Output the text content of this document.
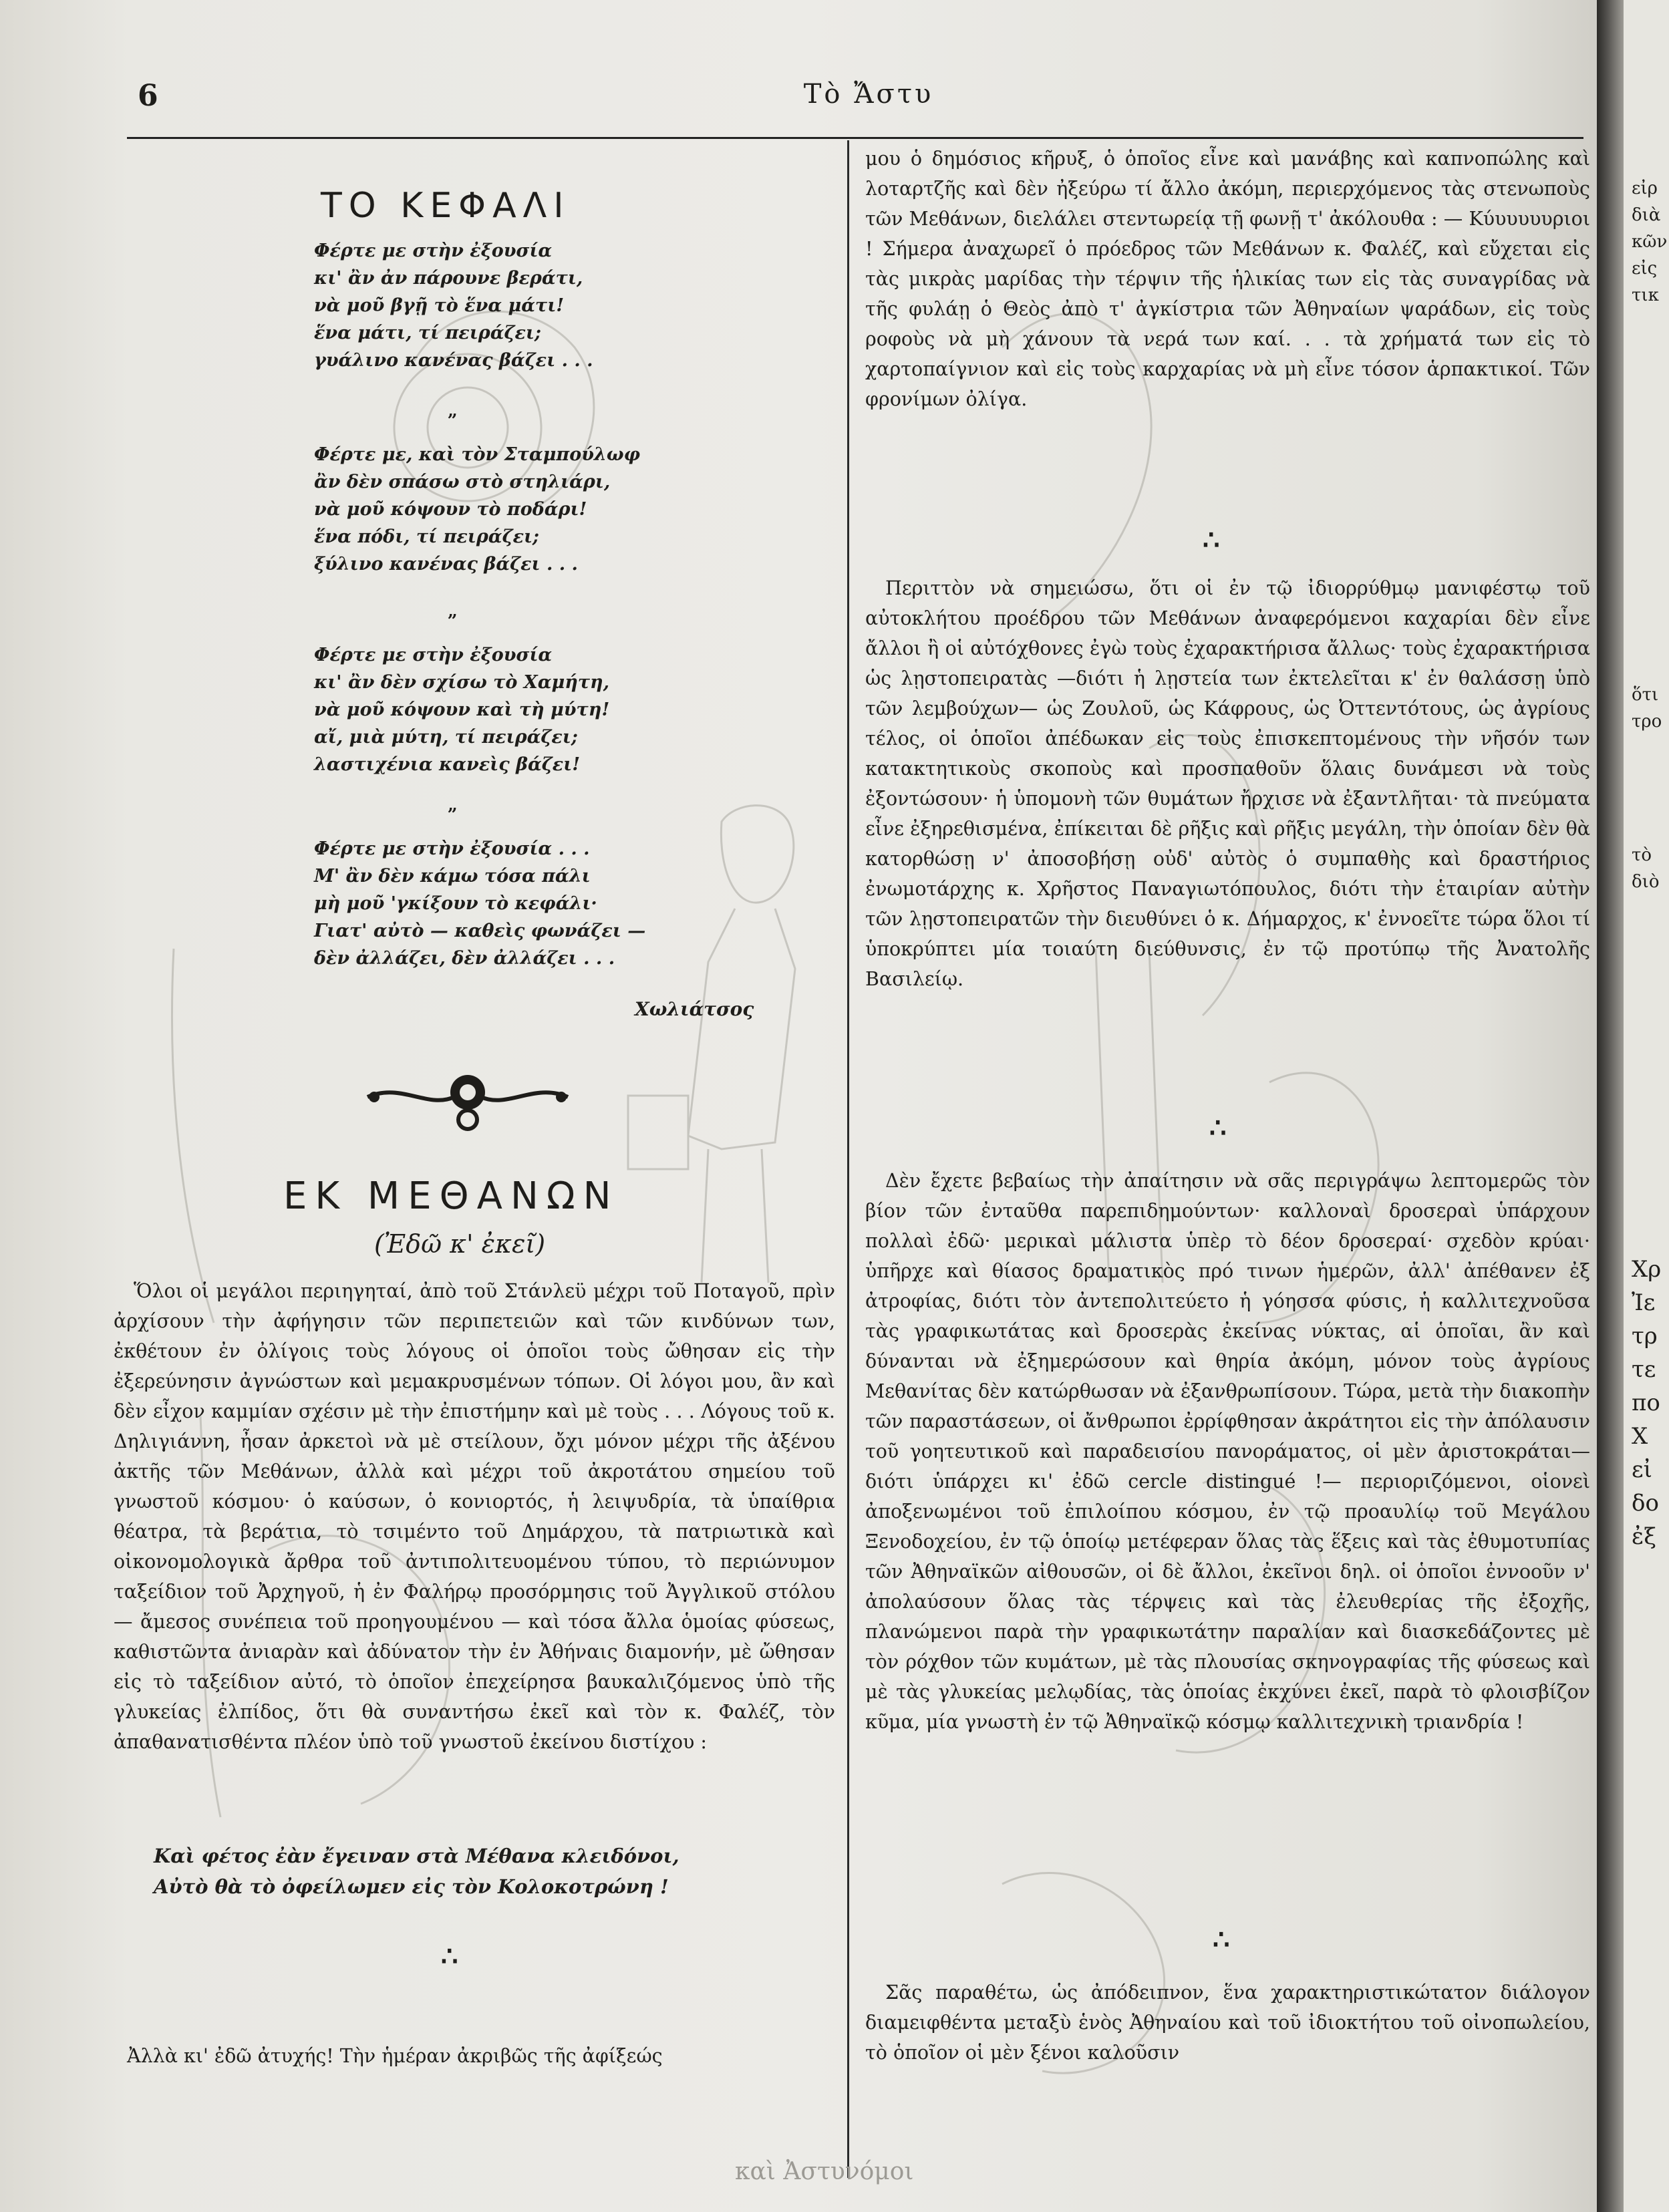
εἰρ
διὰ
κῶν
εἰς
τικ
ὅτι
τρο
τὸ
διὸ
Χρ
Ἰε
τρ
τε
πο
Χ
εἰ
δο
ἐξ
6	Τὸ Ἄστυ
ΤΟ ΚΕΦΑΛΙ
Φέρτε με στὴν ἐξουσία
κι' ἂν ἀν πάρουνε βεράτι,
νὰ μοῦ βγῇ τὸ ἕνα μάτι!
ἕνα μάτι, τί πειράζει;
γυάλινο κανένας βάζει . . .
„
Φέρτε με, καὶ τὸν Σταμπούλωφ
ἂν δὲν σπάσω στὸ στηλιάρι,
νὰ μοῦ κόψουν τὸ ποδάρι!
ἕνα πόδι, τί πειράζει;
ξύλινο κανένας βάζει . . .
„
Φέρτε με στὴν ἐξουσία
κι' ἂν δὲν σχίσω τὸ Χαμήτη,
νὰ μοῦ κόψουν καὶ τὴ μύτη!
αἴ, μιὰ μύτη, τί πειράζει;
λαστιχένια κανεὶς βάζει!
„
Φέρτε με στὴν ἐξουσία . . .
Μ' ἂν δὲν κάμω τόσα πάλι
μὴ μοῦ 'γκίξουν τὸ κεφάλι·
Γιατ' αὐτὸ — καθεὶς φωνάζει —
δὲν ἀλλάζει, δὲν ἀλλάζει . . .
Χωλιάτσος
ΕΚ ΜΕΘΑΝΩΝ
(Ἐδῶ κ' ἐκεῖ)
Ὅλοι οἱ μεγάλοι περιηγηταί, ἀπὸ τοῦ Στάνλεϋ μέχρι τοῦ Ποταγοῦ, πρὶν ἀρχίσουν τὴν ἀφήγησιν τῶν περιπετειῶν καὶ τῶν κινδύνων των, ἐκθέτουν ἐν ὀλίγοις τοὺς λόγους οἱ ὁποῖοι τοὺς ὤθησαν εἰς τὴν ἐξερεύνησιν ἀγνώστων καὶ μεμακρυσμένων τόπων. Οἱ λόγοι μου, ἂν καὶ δὲν εἶχον καμμίαν σχέσιν μὲ τὴν ἐπιστήμην καὶ μὲ τοὺς . . . Λόγους τοῦ κ. Δηλιγιάννη, ἦσαν ἀρκετοὶ νὰ μὲ στείλουν, ὄχι μόνον μέχρι τῆς ἀξένου ἀκτῆς τῶν Μεθάνων, ἀλλὰ καὶ μέχρι τοῦ ἀκροτάτου σημείου τοῦ γνωστοῦ κόσμου· ὁ καύσων, ὁ κονιορτός, ἡ λειψυδρία, τὰ ὑπαίθρια θέατρα, τὰ βεράτια, τὸ τσιμέντο τοῦ Δημάρχου, τὰ πατριωτικὰ καὶ οἰκονομολογικὰ ἄρθρα τοῦ ἀντιπολιτευομένου τύπου, τὸ περιώνυμον ταξείδιον τοῦ Ἀρχηγοῦ, ἡ ἐν Φαλήρῳ προσόρμησις τοῦ Ἀγγλικοῦ στόλου — ἄμεσος συνέπεια τοῦ προηγουμένου — καὶ τόσα ἄλλα ὁμοίας φύσεως, καθιστῶντα ἀνιαρὰν καὶ ἀδύνατον τὴν ἐν Ἀθήναις διαμονήν, μὲ ὤθησαν εἰς τὸ ταξείδιον αὐτό, τὸ ὁποῖον ἐπεχείρησα βαυκαλιζόμενος ὑπὸ τῆς γλυκείας ἐλπίδος, ὅτι θὰ συναντήσω ἐκεῖ καὶ τὸν κ. Φαλέζ, τὸν ἀπαθανατισθέντα πλέον ὑπὸ τοῦ γνωστοῦ ἐκείνου διστίχου :
Καὶ φέτος ἐὰν ἔγειναν στὰ Μέθανα κλειδόνοι,
Αὐτὸ θὰ τὸ ὀφείλωμεν εἰς τὸν Κολοκοτρώνη !
∴
Ἀλλὰ κι' ἐδῶ ἀτυχής! Τὴν ἡμέραν ἀκριβῶς τῆς ἀφίξεώς
μου ὁ δημόσιος κῆρυξ, ὁ ὁποῖος εἶνε καὶ μανάβης καὶ καπνοπώλης καὶ λοταρτζῆς καὶ δὲν ἠξεύρω τί ἄλλο ἀκόμη, περιερχόμενος τὰς στενωποὺς τῶν Μεθάνων, διελάλει στεντωρείᾳ τῇ φωνῇ τ' ἀκόλουθα : — Κύυυυυυριοι ! Σήμερα ἀναχωρεῖ ὁ πρόεδρος τῶν Μεθάνων κ. Φαλέζ, καὶ εὔχεται εἰς τὰς μικρὰς μαρίδας τὴν τέρψιν τῆς ἡλικίας των εἰς τὰς συναγρίδας νὰ τῆς φυλάῃ ὁ Θεὸς ἀπὸ τ' ἀγκίστρια τῶν Ἀθηναίων ψαράδων, εἰς τοὺς ροφοὺς νὰ μὴ χάνουν τὰ νερά των καί. . . τὰ χρήματά των εἰς τὸ χαρτοπαίγνιον καὶ εἰς τοὺς καρχαρίας νὰ μὴ εἶνε τόσον ἁρπακτικοί. Τῶν φρονίμων ὀλίγα.
∴
Περιττὸν νὰ σημειώσω, ὅτι οἱ ἐν τῷ ἰδιορρύθμῳ μανιφέστῳ τοῦ αὐτοκλήτου προέδρου τῶν Μεθάνων ἀναφερόμενοι καχαρίαι δὲν εἶνε ἄλλοι ἢ οἱ αὐτόχθονες ἐγὼ τοὺς ἐχαρακτήρισα ἄλλως· τοὺς ἐχαρακτήρισα ὡς λῃστοπειρατὰς —διότι ἡ λῃστεία των ἐκτελεῖται κ' ἐν θαλάσσῃ ὑπὸ τῶν λεμβούχων— ὡς Ζουλοῦ, ὡς Κάφρους, ὡς Ὀττεντότους, ὡς ἀγρίους τέλος, οἱ ὁποῖοι ἀπέδωκαν εἰς τοὺς ἐπισκεπτομένους τὴν νῆσόν των κατακτητικοὺς σκοποὺς καὶ προσπαθοῦν ὅλαις δυνάμεσι νὰ τοὺς ἐξοντώσουν· ἡ ὑπομονὴ τῶν θυμάτων ἤρχισε νὰ ἐξαντλῆται· τὰ πνεύματα εἶνε ἐξηρεθισμένα, ἐπίκειται δὲ ρῆξις καὶ ρῆξις μεγάλη, τὴν ὁποίαν δὲν θὰ κατορθώσῃ ν' ἀποσοβήσῃ οὐδ' αὐτὸς ὁ συμπαθὴς καὶ δραστήριος ἐνωμοτάρχης κ. Χρῆστος Παναγιωτόπουλος, διότι τὴν ἑταιρίαν αὐτὴν τῶν λῃστοπειρατῶν τὴν διευθύνει ὁ κ. Δήμαρχος, κ' ἐννοεῖτε τώρα ὅλοι τί ὑποκρύπτει μία τοιαύτη διεύθυνσις, ἐν τῷ προτύπῳ τῆς Ἀνατολῆς Βασιλείῳ.
∴
Δὲν ἔχετε βεβαίως τὴν ἀπαίτησιν νὰ σᾶς περιγράψω λεπτομερῶς τὸν βίον τῶν ἐνταῦθα παρεπιδημούντων· καλλοναὶ δροσεραὶ ὑπάρχουν πολλαὶ ἐδῶ· μερικαὶ μάλιστα ὑπὲρ τὸ δέον δροσεραί· σχεδὸν κρύαι· ὑπῆρχε καὶ θίασος δραματικὸς πρό τινων ἡμερῶν, ἀλλ' ἀπέθανεν ἐξ ἀτροφίας, διότι τὸν ἀντεπολιτεύετο ἡ γόησσα φύσις, ἡ καλλιτεχνοῦσα τὰς γραφικωτάτας καὶ δροσερὰς ἐκείνας νύκτας, αἱ ὁποῖαι, ἂν καὶ δύνανται νὰ ἐξημερώσουν καὶ θηρία ἀκόμη, μόνον τοὺς ἀγρίους Μεθανίτας δὲν κατώρθωσαν νὰ ἐξανθρωπίσουν. Τώρα, μετὰ τὴν διακοπὴν τῶν παραστάσεων, οἱ ἄνθρωποι ἐρρίφθησαν ἀκράτητοι εἰς τὴν ἀπόλαυσιν τοῦ γοητευτικοῦ καὶ παραδεισίου πανοράματος, οἱ μὲν ἀριστοκράται— διότι ὑπάρχει κι' ἐδῶ cercle distingué !— περιοριζόμενοι, οἱονεὶ ἀποξενωμένοι τοῦ ἐπιλοίπου κόσμου, ἐν τῷ προαυλίῳ τοῦ Μεγάλου Ξενοδοχείου, ἐν τῷ ὁποίῳ μετέφεραν ὅλας τὰς ἕξεις καὶ τὰς ἐθυμοτυπίας τῶν Ἀθηναϊκῶν αἰθουσῶν, οἱ δὲ ἄλλοι, ἐκεῖνοι δηλ. οἱ ὁποῖοι ἐννοοῦν ν' ἀπολαύσουν ὅλας τὰς τέρψεις καὶ τὰς ἐλευθερίας τῆς ἐξοχῆς, πλανώμενοι παρὰ τὴν γραφικωτάτην παραλίαν καὶ διασκεδάζοντες μὲ τὸν ρόχθον τῶν κυμάτων, μὲ τὰς πλουσίας σκηνογραφίας τῆς φύσεως καὶ μὲ τὰς γλυκείας μελῳδίας, τὰς ὁποίας ἐκχύνει ἐκεῖ, παρὰ τὸ φλοισβίζον κῦμα, μία γνωστὴ ἐν τῷ Ἀθηναϊκῷ κόσμῳ καλλιτεχνικὴ τριανδρία !
∴
Σᾶς παραθέτω, ὡς ἀπόδειπνον, ἕνα χαρακτηριστικώτατον διάλογον διαμειφθέντα μεταξὺ ἑνὸς Ἀθηναίου καὶ τοῦ ἰδιοκτήτου τοῦ οἰνοπωλείου, τὸ ὁποῖον οἱ μὲν ξένοι καλοῦσιν
καὶ Ἀστυνόμοι
